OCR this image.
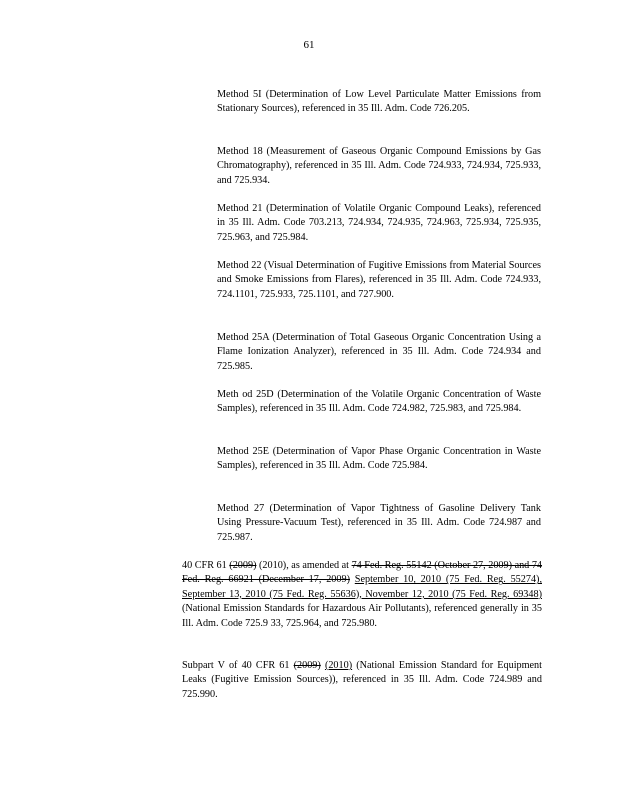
61

Method 5I (Determination of Low Level Particulate Matter Emissions from Stationary Sources), referenced in 35 Ill. Adm. Code 726.205.

Method 18 (Measurement of Gaseous Organic Compound Emissions by Gas Chromatography), referenced in 35 Ill. Adm. Code 724.933, 724.934, 725.933, and 725.934.

Method 21 (Determination of Volatile Organic Compound Leaks), referenced in 35 Ill. Adm. Code 703.213, 724.934, 724.935, 724.963, 725.934, 725.935, 725.963, and 725.984.

Method 22 (Visual Determination of Fugitive Emissions from Material Sources and Smoke Emissions from Flares), referenced in 35 Ill. Adm. Code 724.933, 724.1101, 725.933, 725.1101, and 727.900.

Method 25A (Determination of Total Gaseous Organic Concentration Using a Flame Ionization Analyzer), referenced in 35 Ill. Adm. Code 724.934 and 725.985.

Meth od 25D (Determination of the Volatile Organic Concentration of Waste Samples), referenced in 35 Ill. Adm. Code 724.982, 725.983, and 725.984.

Method 25E (Determination of Vapor Phase Organic Concentration in Waste Samples), referenced in 35 Ill. Adm. Code 725.984.

Method 27 (Determination of Vapor Tightness of Gasoline Delivery Tank Using Pressure-Vacuum Test), referenced in 35 Ill. Adm. Code 724.987 and 725.987.

40 CFR 61 (2009) (2010), as amended at 74 Fed. Reg. 55142 (October 27, 2009) and 74 Fed. Reg. 66921 (December 17, 2009) September 10, 2010 (75 Fed. Reg. 55274), September 13, 2010 (75 Fed. Reg. 55636), November 12, 2010 (75 Fed. Reg. 69348) (National Emission Standards for Hazardous Air Pollutants), referenced generally in 35 Ill. Adm. Code 725.9 33, 725.964, and 725.980.

Subpart V of 40 CFR 61 (2009) (2010) (National Emission Standard for Equipment Leaks (Fugitive Emission Sources)), referenced in 35 Ill. Adm. Code 724.989 and 725.990.
